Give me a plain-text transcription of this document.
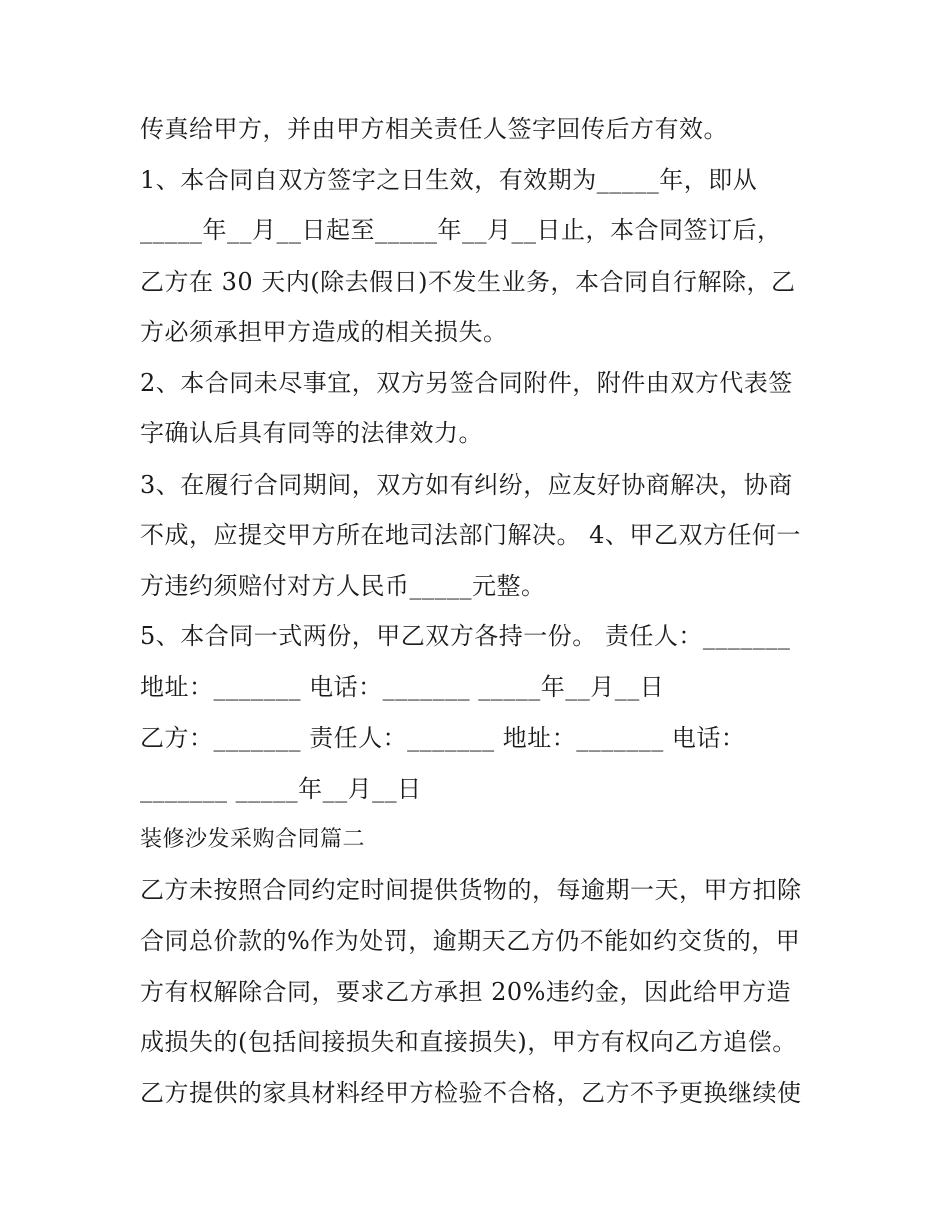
传真给甲方，并由甲方相关责任人签字回传后方有效。
1、本合同自双方签字之日生效，有效期为_____年，即从
_____年__月__日起至_____年__月__日止，本合同签订后，
乙方在 30 天内(除去假日)不发生业务，本合同自行解除，乙
方必须承担甲方造成的相关损失。
2、本合同未尽事宜，双方另签合同附件，附件由双方代表签
字确认后具有同等的法律效力。
3、在履行合同期间，双方如有纠纷，应友好协商解决，协商
不成，应提交甲方所在地司法部门解决。 4、甲乙双方任何一
方违约须赔付对方人民币_____元整。
5、本合同一式两份，甲乙双方各持一份。 责任人：_______
地址：_______ 电话：_______ _____年__月__日
乙方：_______ 责任人：_______ 地址：_______ 电话：
_______ _____年__月__日
装修沙发采购合同篇二
乙方未按照合同约定时间提供货物的，每逾期一天，甲方扣除
合同总价款的%作为处罚，逾期天乙方仍不能如约交货的，甲
方有权解除合同，要求乙方承担 20%违约金，因此给甲方造
成损失的(包括间接损失和直接损失)，甲方有权向乙方追偿。
乙方提供的家具材料经甲方检验不合格，乙方不予更换继续使
